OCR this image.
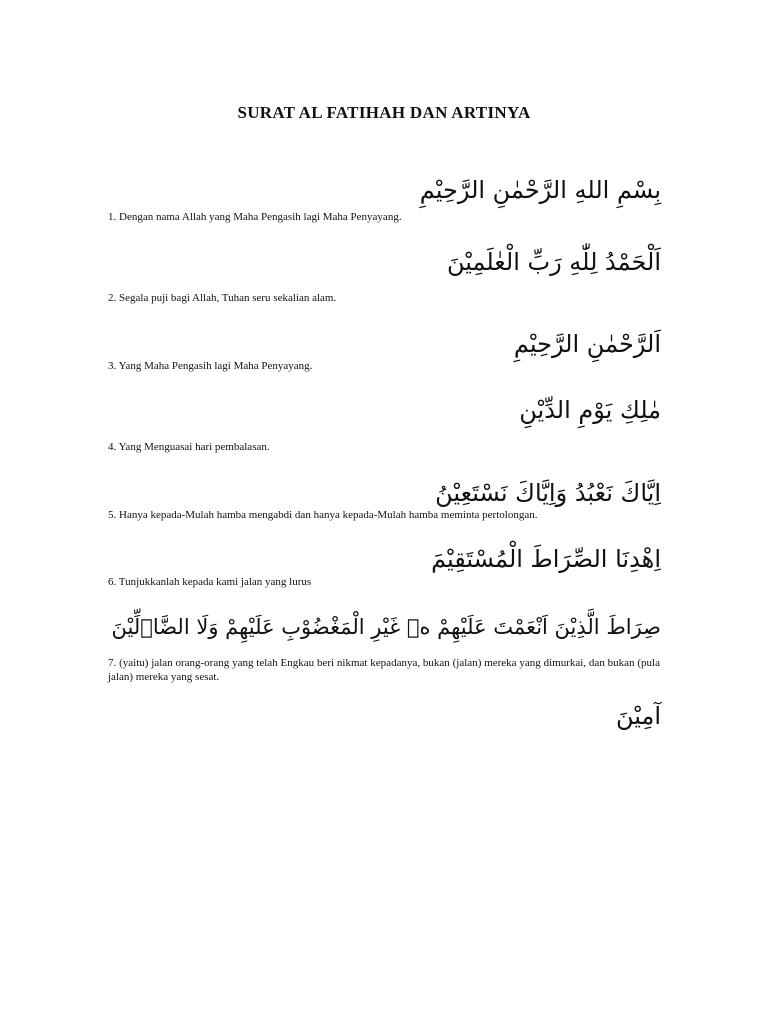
SURAT AL FATIHAH DAN ARTINYA
بِسْمِ اللهِ الرَّحْمٰنِ الرَّحِيْمِ
1. Dengan nama Allah yang Maha Pengasih lagi Maha Penyayang.
اَلْحَمْدُ لِلّٰهِ رَبِّ الْعٰلَمِيْنَ
2. Segala puji bagi Allah, Tuhan seru sekalian alam.
اَلرَّحْمٰنِ الرَّحِيْمِ
3. Yang Maha Pengasih lagi Maha Penyayang.
مٰلِكِ يَوْمِ الدِّيْنِ
4. Yang Menguasai hari pembalasan.
اِيَّاكَ نَعْبُدُ وَاِيَّاكَ نَسْتَعِيْنُ
5. Hanya kepada-Mulah hamba mengabdi dan hanya kepada-Mulah hamba meminta pertolongan.
اِهْدِنَا الصِّرَاطَ الْمُسْتَقِيْمَ
6. Tunjukkanlah kepada kami jalan yang lurus
صِرَاطَ الَّذِيْنَ اَنْعَمْتَ عَلَيْهِمْ ەۙ غَيْرِ الْمَغْضُوْبِ عَلَيْهِمْ وَلَا الضَّاۤلِّيْنَ
7. (yaitu) jalan orang-orang yang telah Engkau beri nikmat kepadanya, bukan (jalan) mereka yang dimurkai, dan bukan (pula jalan) mereka yang sesat.
آمِيْنَ
